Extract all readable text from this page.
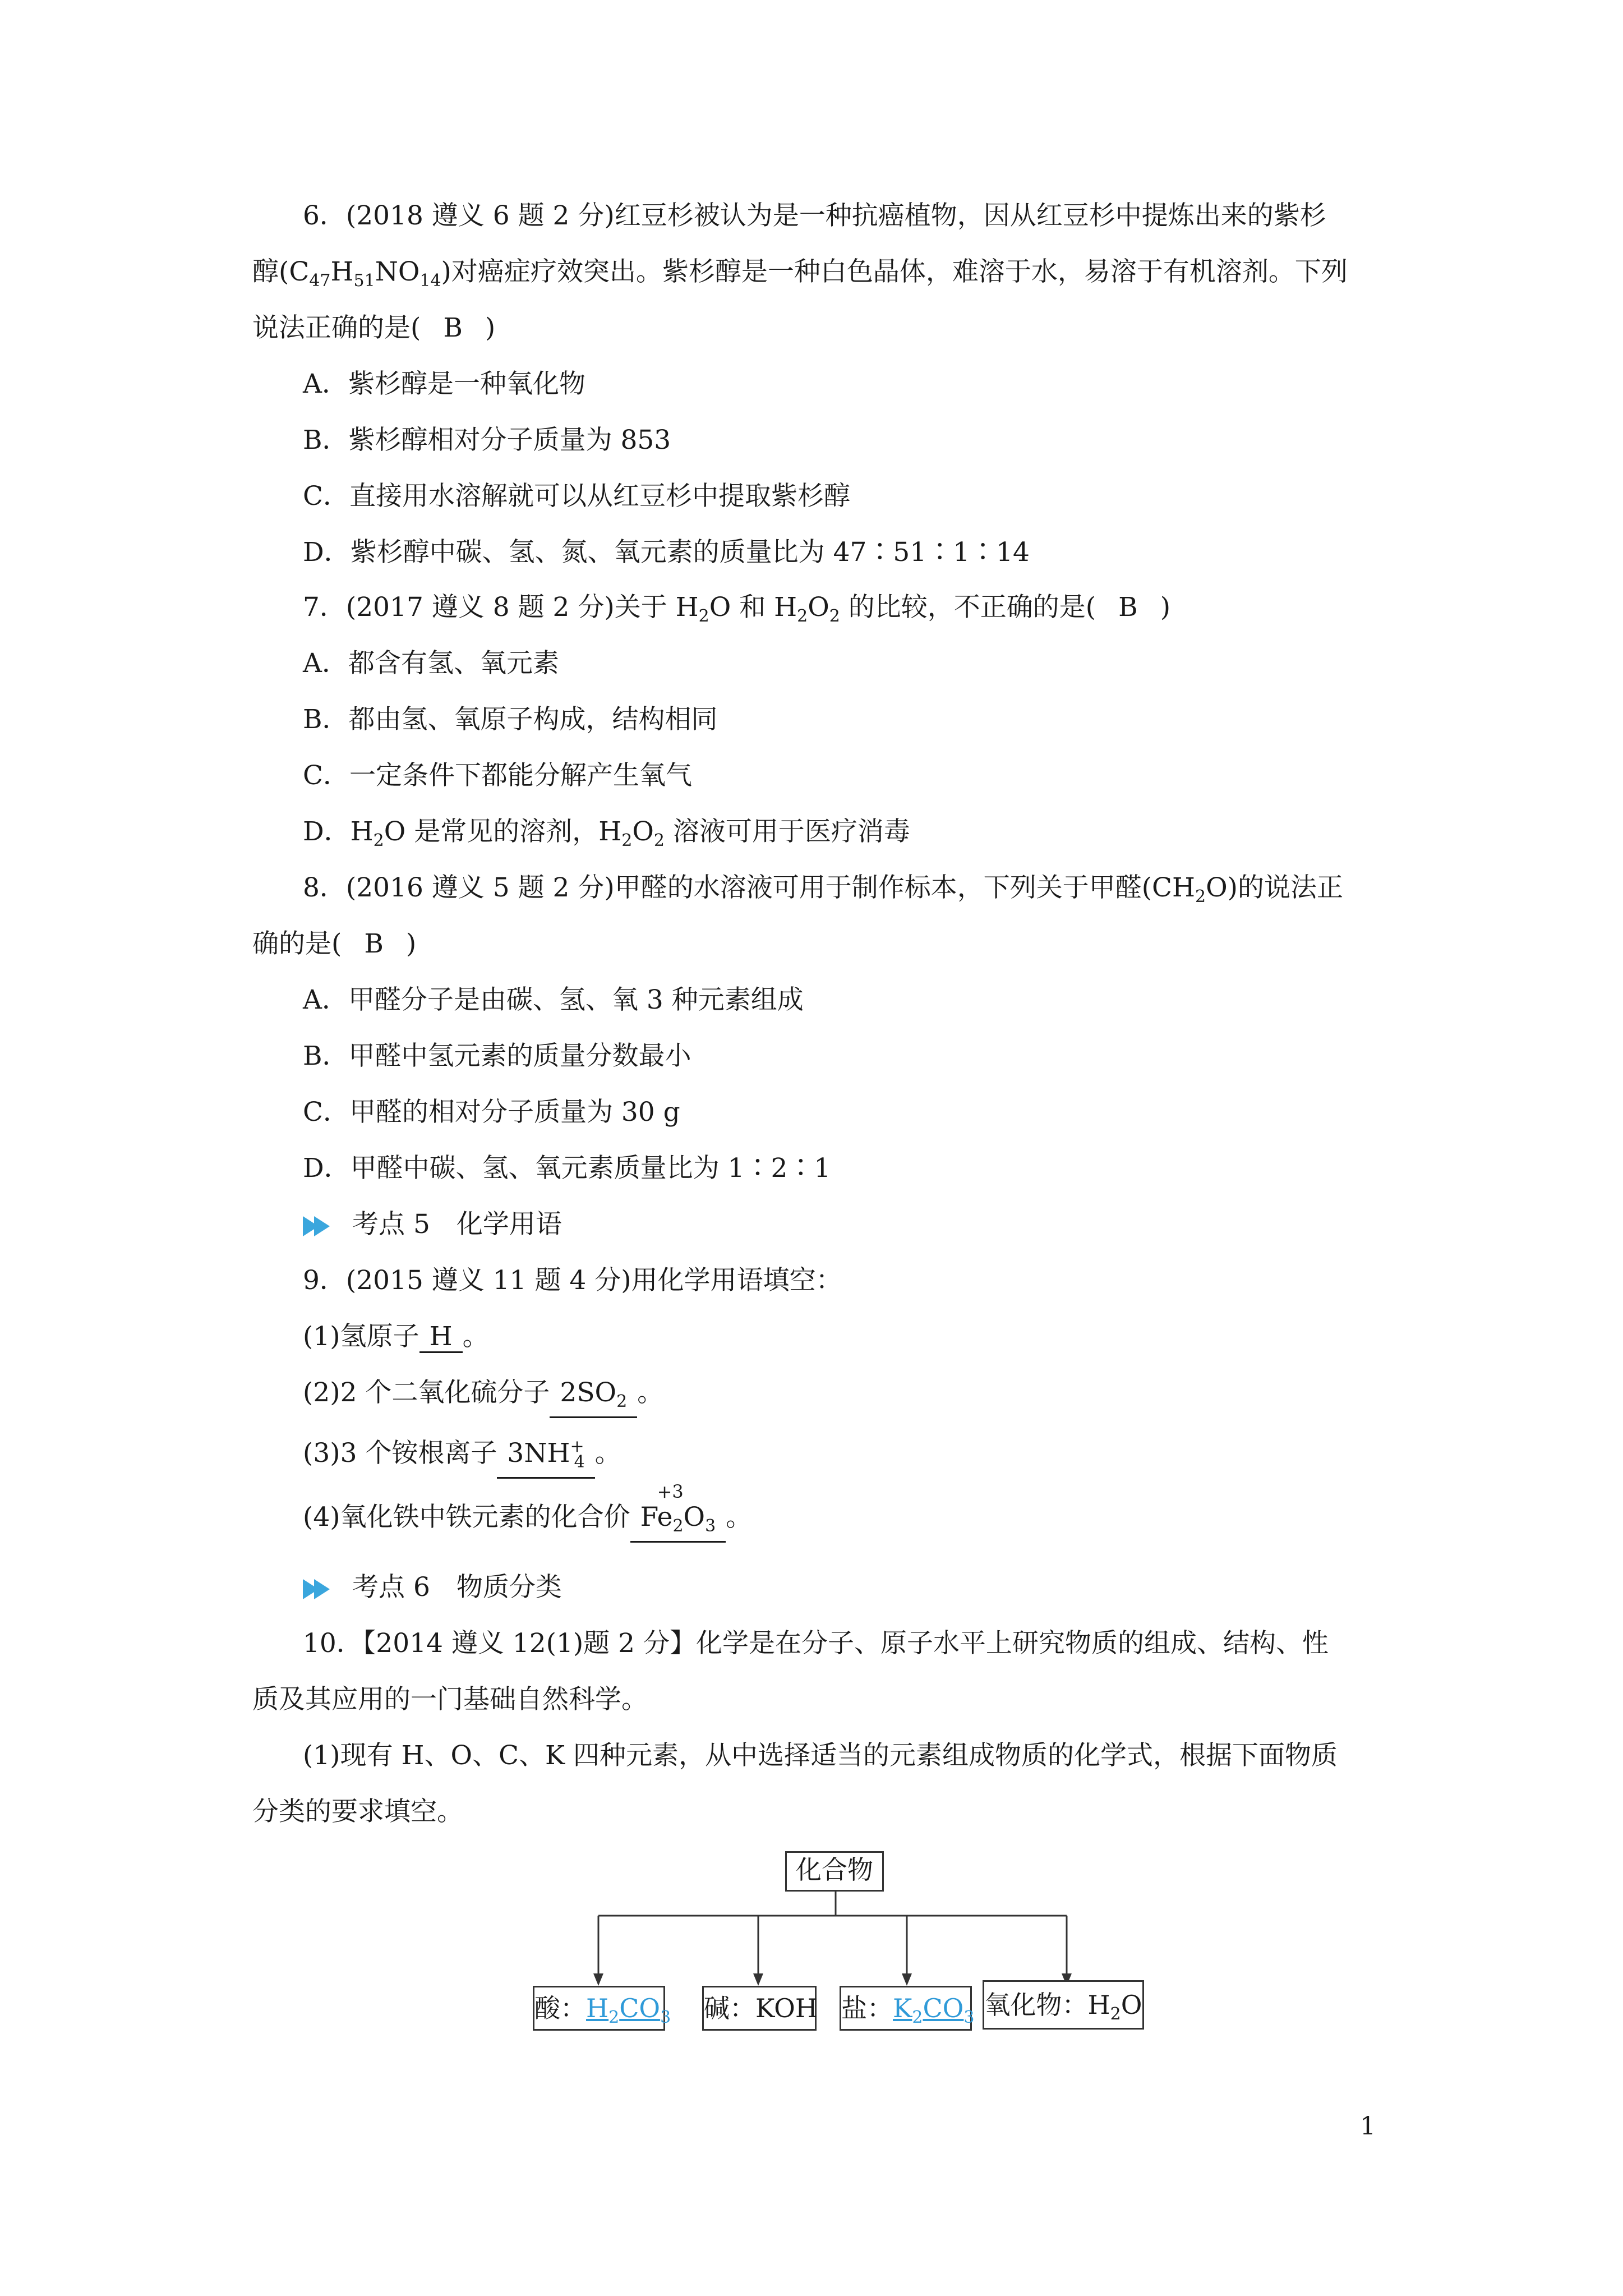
6．(2018 遵义 6 题 2 分)红豆杉被认为是一种抗癌植物，因从红豆杉中提炼出来的紫杉
醇$(C_{47}H_{51}NO_{14})$对癌症疗效突出。紫杉醇是一种白色晶体，难溶于水，易溶于有机溶剂。下列
说法正确的是( B )
A．紫杉醇是一种氧化物
B．紫杉醇相对分子质量为 853
C．直接用水溶解就可以从红豆杉中提取紫杉醇
D．紫杉醇中碳、氢、氮、氧元素的质量比为 47∶51∶1∶14
7．(2017 遵义 8 题 2 分)关于 $H_2O$ 和 $H_2O_2$ 的比较，不正确的是( B )
A．都含有氢、氧元素
B．都由氢、氧原子构成，结构相同
C．一定条件下都能分解产生氧气
D．$H_2O$ 是常见的溶剂，$H_2O_2$ 溶液可用于医疗消毒
8．(2016 遵义 5 题 2 分)甲醛的水溶液可用于制作标本，下列关于甲醛$(CH_2O)$的说法正
确的是( B )
A．甲醛分子是由碳、氢、氧 3 种元素组成
B．甲醛中氢元素的质量分数最小
C．甲醛的相对分子质量为 30 g
D．甲醛中碳、氢、氧元素质量比为 1∶2∶1
考点 5　化学用语
9．(2015 遵义 11 题 4 分)用化学用语填空：
(1)氢原子 H 。
(2)2 个二氧化硫分子 $2SO_2$ 。
(3)3 个铵根离子 $3NH^+_4$ 。
(4)氧化铁中铁元素的化合价
+3
$Fe_2O_3$ 。
考点 6　物质分类
10．【2014 遵义 12(1)题 2 分】化学是在分子、原子水平上研究物质的组成、结构、性
质及其应用的一门基础自然科学。
(1)现有 H、O、C、K 四种元素，从中选择适当的元素组成物质的化学式，根据下面物质
分类的要求填空。
化合物
酸：$H_2CO_3$ 碱：KOH 盐：$K_2CO_3$ 氧化物：$H_2O$
1
